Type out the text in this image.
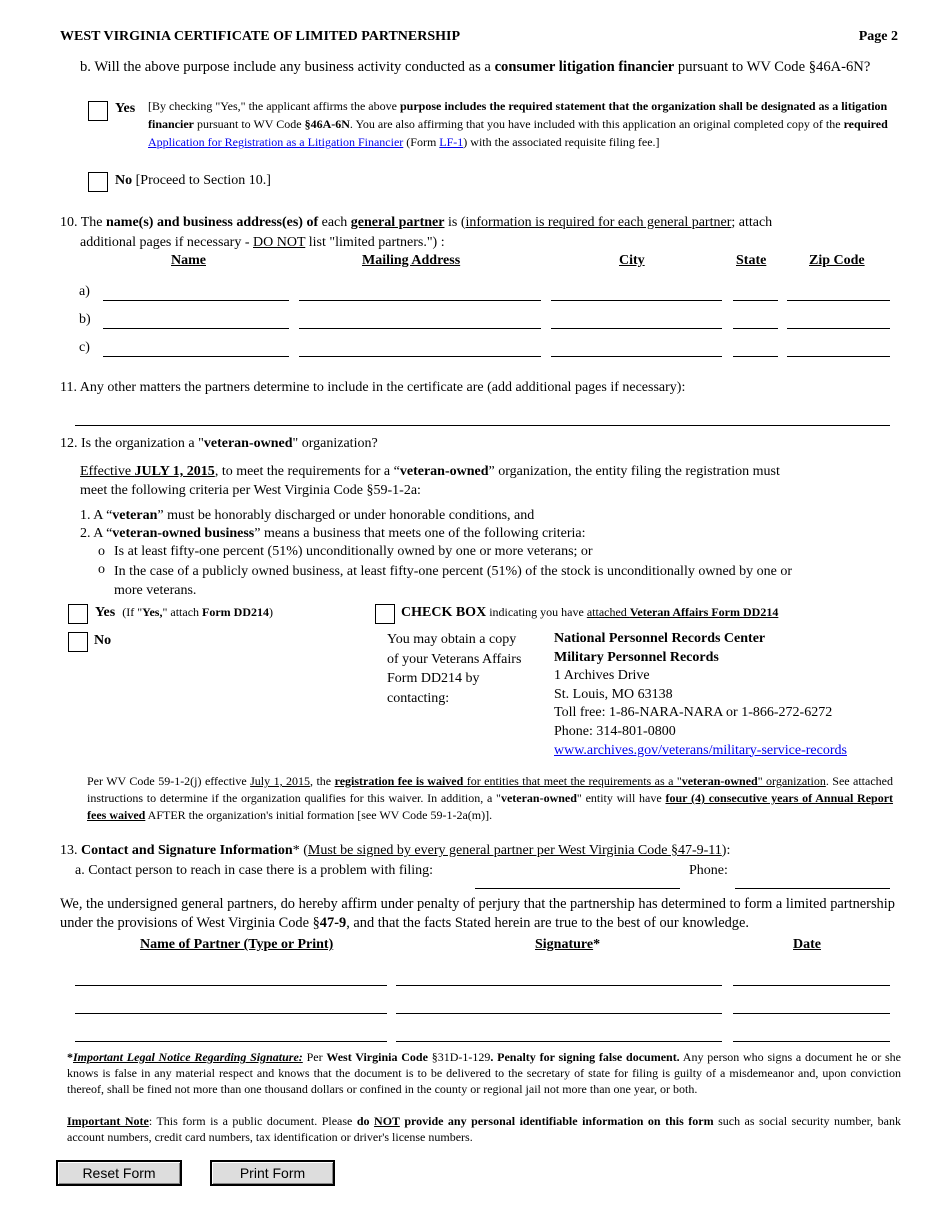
WEST VIRGINIA CERTIFICATE OF LIMITED PARTNERSHIP	Page 2
b. Will the above purpose include any business activity conducted as a consumer litigation financier pursuant to WV Code §46A-6N?
Yes [By checking "Yes," the applicant affirms the above purpose includes the required statement that the organization shall be designated as a litigation financier pursuant to WV Code §46A-6N. You are also affirming that you have included with this application an original completed copy of the required Application for Registration as a Litigation Financier (Form LF-1) with the associated requisite filing fee.]
No [Proceed to Section 10.]
10. The name(s) and business address(es) of each general partner is (information is required for each general partner; attach
additional pages if necessary - DO NOT list "limited partners.") :
Name	Mailing Address	City	State	Zip Code
a)
b)
c)
11. Any other matters the partners determine to include in the certificate are (add additional pages if necessary):
12. Is the organization a "veteran-owned" organization?
Effective JULY 1, 2015, to meet the requirements for a “veteran-owned” organization, the entity filing the registration must
meet the following criteria per West Virginia Code §59-1-2a:
1. A “veteran” must be honorably discharged or under honorable conditions, and
2. A “veteran-owned business” means a business that meets one of the following criteria:
o Is at least fifty-one percent (51%) unconditionally owned by one or more veterans; or
o In the case of a publicly owned business, at least fifty-one percent (51%) of the stock is unconditionally owned by one or
more veterans.
Yes (If "Yes," attach Form DD214)
No
CHECK BOX indicating you have attached Veteran Affairs Form DD214
You may obtain a copy
of your Veterans Affairs
Form DD214 by
contacting:
National Personnel Records Center
Military Personnel Records
1 Archives Drive
St. Louis, MO 63138
Toll free: 1-86-NARA-NARA or 1-866-272-6272
Phone: 314-801-0800
www.archives.gov/veterans/military-service-records
Per WV Code 59-1-2(j) effective July 1, 2015, the registration fee is waived for entities that meet the requirements as a "veteran-owned" organization. See attached instructions to determine if the organization qualifies for this waiver. In addition, a "veteran-owned" entity will have four (4) consecutive years of Annual Report fees waived AFTER the organization's initial formation [see WV Code 59-1-2a(m)].
13. Contact and Signature Information* (Must be signed by every general partner per West Virginia Code §47-9-11):
a. Contact person to reach in case there is a problem with filing:	Phone:
We, the undersigned general partners, do hereby affirm under penalty of perjury that the partnership has determined to form a limited partnership under the provisions of West Virginia Code §47-9, and that the facts Stated herein are true to the best of our knowledge.
Name of Partner (Type or Print)	Signature*	Date
*Important Legal Notice Regarding Signature: Per West Virginia Code §31D-1-129. Penalty for signing false document. Any person who signs a document he or she knows is false in any material respect and knows that the document is to be delivered to the secretary of state for filing is guilty of a misdemeanor and, upon conviction thereof, shall be fined not more than one thousand dollars or confined in the county or regional jail not more than one year, or both.
Important Note: This form is a public document. Please do NOT provide any personal identifiable information on this form such as social security number, bank account numbers, credit card numbers, tax identification or driver's license numbers.
Reset Form	Print Form
